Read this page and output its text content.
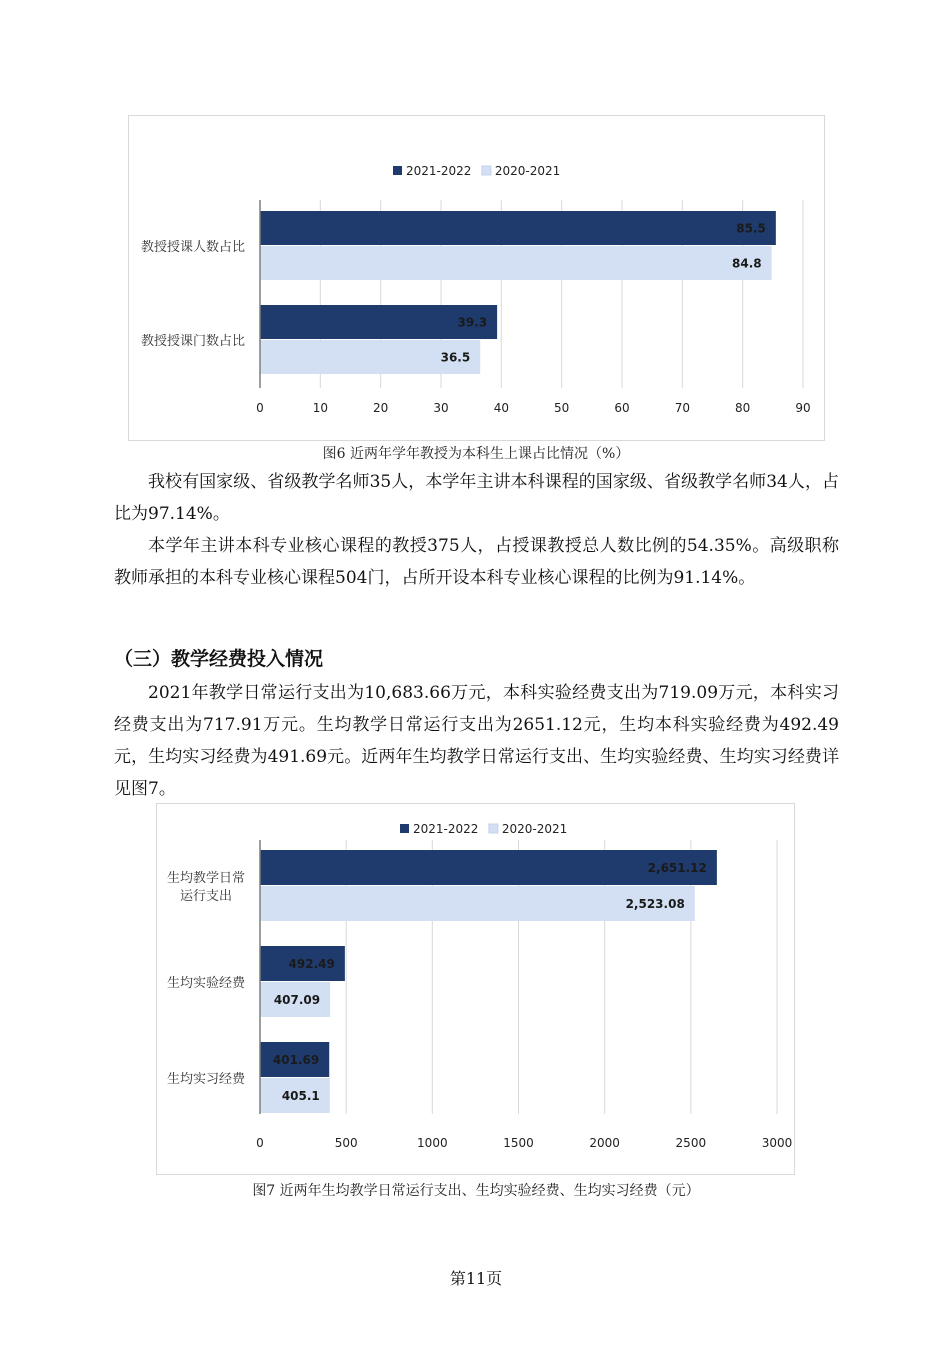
2021-2022 2020-2021
0	10	20	30	40	50	60	70	80	90
85.5
84.8
教授授课人数占比
39.3
36.5
教授授课门数占比
图6 近两年学年教授为本科生上课占比情况（%）

我校有国家级、省级教学名师35人，本学年主讲本科课程的国家级、省级教学名师34人，占比为97.14%。

本学年主讲本科专业核心课程的教授375人，占授课教授总人数比例的54.35%。高级职称教师承担的本科专业核心课程504门，占所开设本科专业核心课程的比例为91.14%。

（三）教学经费投入情况

2021年教学日常运行支出为10,683.66万元，本科实验经费支出为719.09万元，本科实习经费支出为717.91万元。生均教学日常运行支出为2651.12元，生均本科实验经费为492.49元，生均实习经费为491.69元。近两年生均教学日常运行支出、生均实验经费、生均实习经费详见图7。

2021-2022 2020-2021
0	500	1000	1500	2000	2500	3000
2,651.12
2,523.08
生均教学日常
运行支出
492.49
407.09
生均实验经费
401.69
405.1
生均实习经费
图7 近两年生均教学日常运行支出、生均实验经费、生均实习经费（元）
第11页
